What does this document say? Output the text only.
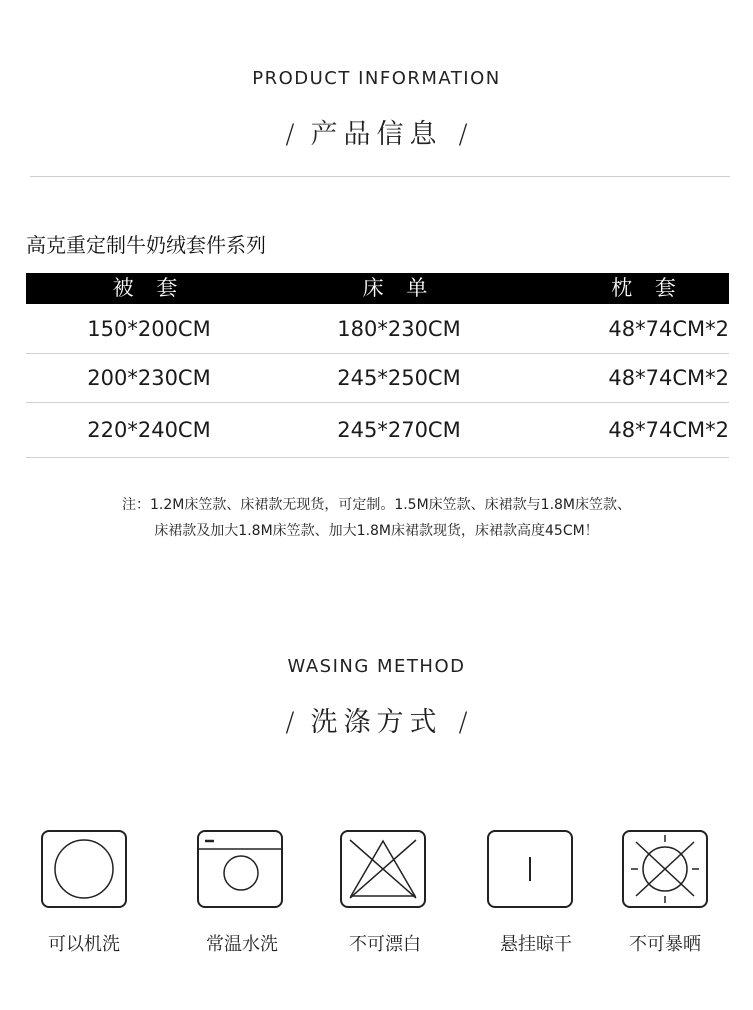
PRODUCT INFORMATION
/ 产品信息 /
高克重定制牛奶绒套件系列
被 套	床 单	枕 套
150*200CM	180*230CM	48*74CM*2
200*230CM	245*250CM	48*74CM*2
220*240CM	245*270CM	48*74CM*2
注：1.2M床笠款、床裙款无现货，可定制。1.5M床笠款、床裙款与1.8M床笠款、
床裙款及加大1.8M床笠款、加大1.8M床裙款现货，床裙款高度45CM！
WASING METHOD
/ 洗涤方式 /
可以机洗	常温水洗	不可漂白	悬挂晾干	不可暴晒
